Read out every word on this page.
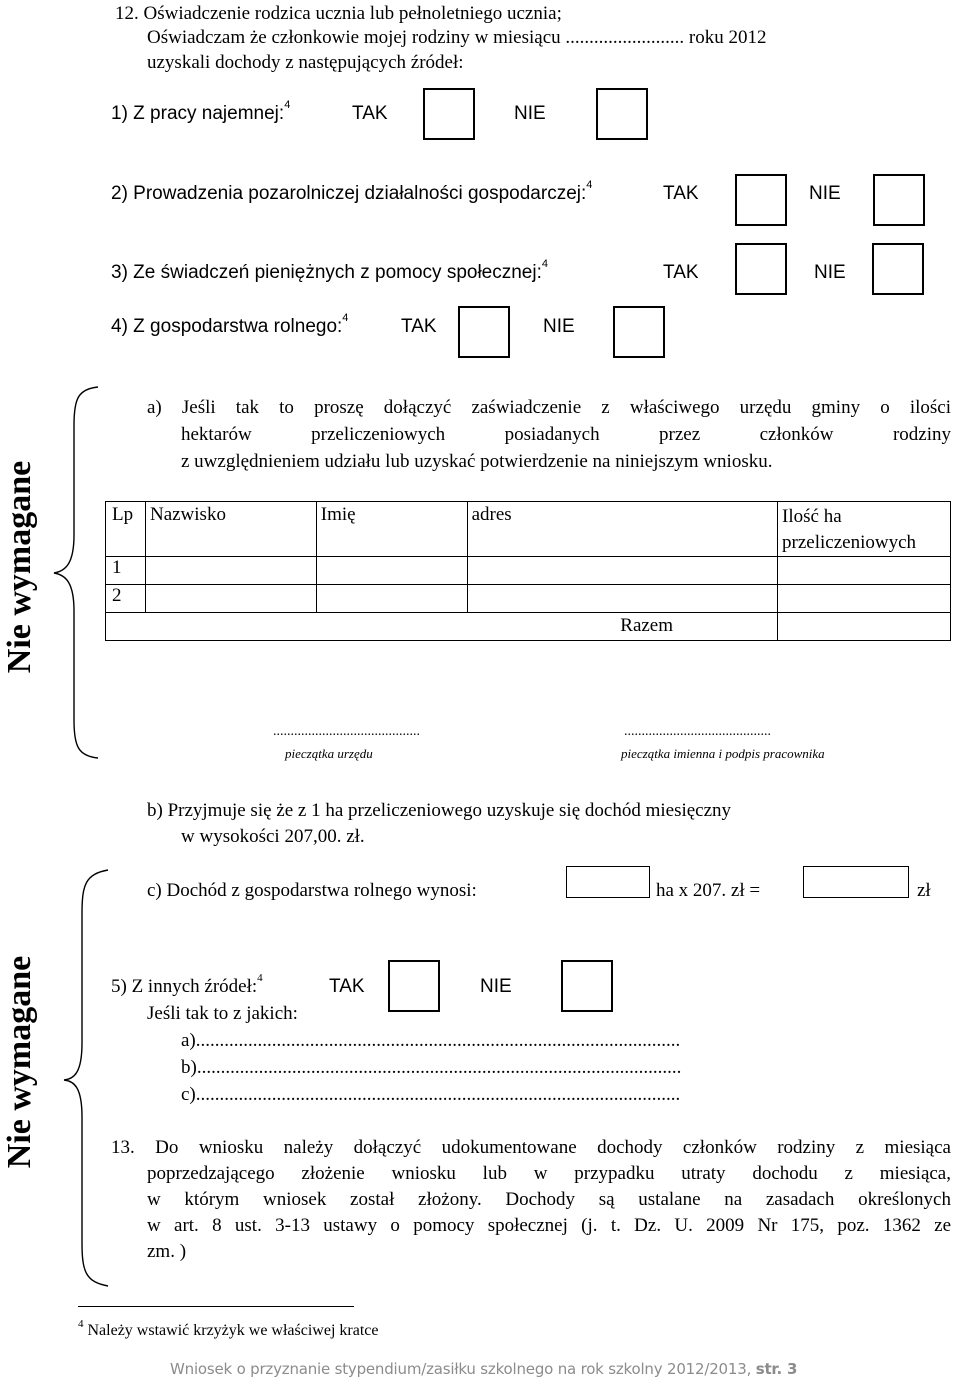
12. Oświadczenie rodzica ucznia lub pełnoletniego ucznia;
Oświadczam że członkowie mojej rodziny w miesiącu ......................... roku 2012
uzyskali dochody z następujących źródeł:
1) Z pracy najemnej:$^4$	TAK	NIE
2) Prowadzenia pozarolniczej działalności gospodarczej:$^4$	TAK	NIE
3) Ze świadczeń pieniężnych z pomocy społecznej:$^4$	TAK	NIE
4) Z gospodarstwa rolnego:$^4$	TAK	NIE
Nie wymagane
a) Jeśli tak to proszę dołączyć zaświadczenie z właściwego urzędu gminy o ilości
hektarów przeliczeniowych posiadanych przez członków rodziny
z uwzględnieniem udziału lub uzyskać potwierdzenie na niniejszym wniosku.
Lp	Nazwisko	Imię	adres	Ilość ha przeliczeniowych
1				
2				
Razem				
..........................................
pieczątka urzędu
..........................................
pieczątka imienna i podpis pracownika
b) Przyjmuje się że z 1 ha przeliczeniowego uzyskuje się dochód miesięczny
w wysokości 207,00. zł.
c) Dochód z gospodarstwa rolnego wynosi:	ha x 207. zł =	zł
Nie wymagane	5) Z innych źródeł:$^4$	TAK	NIE
Jeśli tak to z jakich:
a)......................................................................................................
b)......................................................................................................
c)......................................................................................................
13. Do wniosku należy dołączyć udokumentowane dochody członków rodziny z miesiąca
poprzedzającego złożenie wniosku lub w przypadku utraty dochodu z miesiąca,
w którym wniosek został złożony. Dochody są ustalane na zasadach określonych
w art. 8 ust. 3-13 ustawy o pomocy społecznej (j. t. Dz. U. 2009 Nr 175, poz. 1362 ze
zm. )
$^4$ Należy wstawić krzyżyk we właściwej kratce
Wniosek o przyznanie stypendium/zasiłku szkolnego na rok szkolny 2012/2013, str. 3
